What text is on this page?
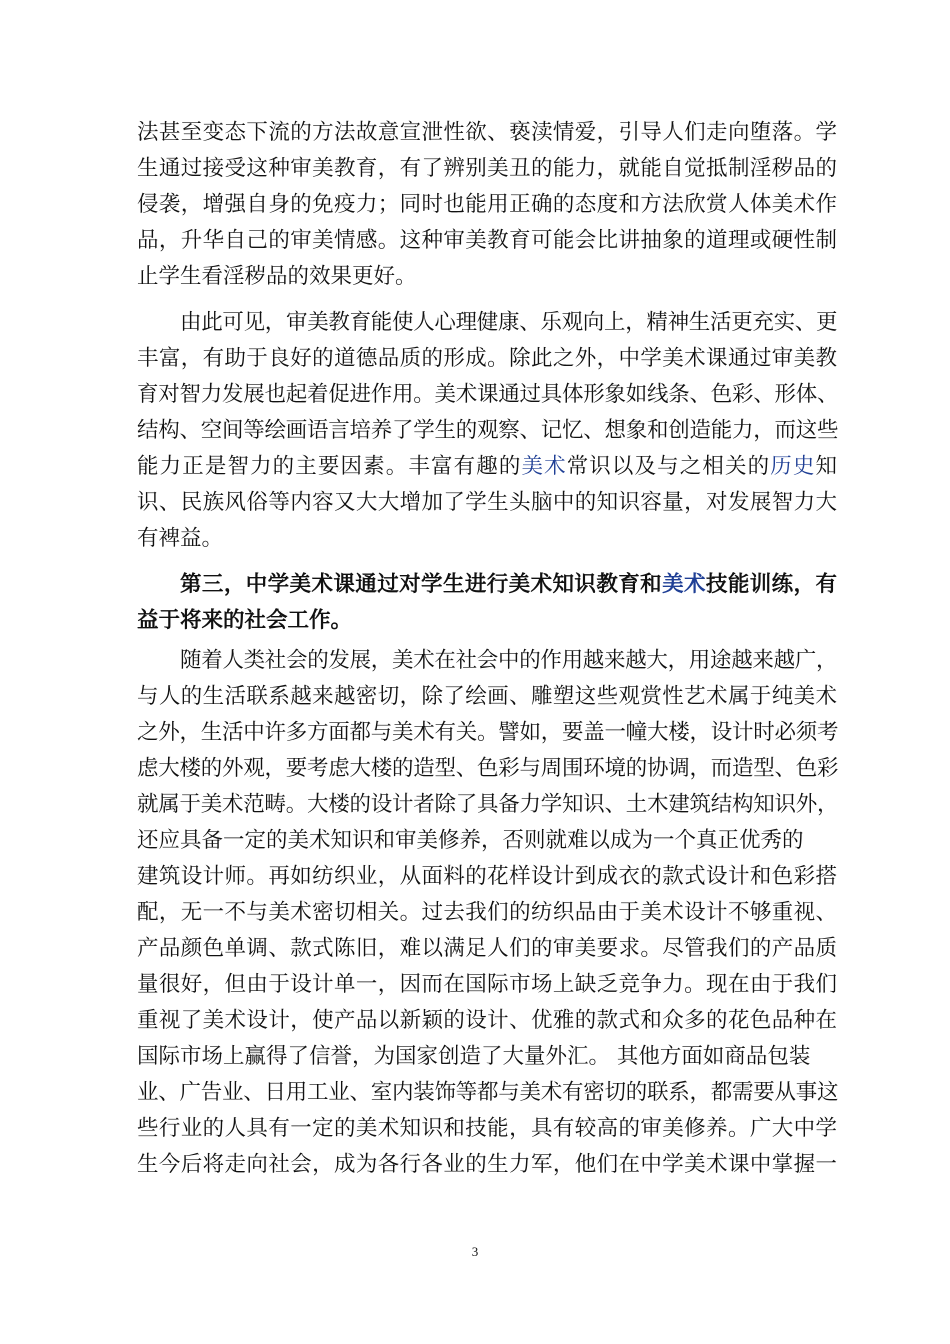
法甚至变态下流的方法故意宣泄性欲、亵渎情爱，引导人们走向堕落。学
生通过接受这种审美教育，有了辨别美丑的能力，就能自觉抵制淫秽品的
侵袭，增强自身的免疫力；同时也能用正确的态度和方法欣赏人体美术作
品，升华自己的审美情感。这种审美教育可能会比讲抽象的道理或硬性制
止学生看淫秽品的效果更好。
由此可见，审美教育能使人心理健康、乐观向上，精神生活更充实、更
丰富，有助于良好的道德品质的形成。除此之外，中学美术课通过审美教
育对智力发展也起着促进作用。美术课通过具体形象如线条、色彩、形体、
结构、空间等绘画语言培养了学生的观察、记忆、想象和创造能力，而这些
能力正是智力的主要因素。丰富有趣的美术常识以及与之相关的历史知
识、民族风俗等内容又大大增加了学生头脑中的知识容量，对发展智力大
有裨益。
第三，中学美术课通过对学生进行美术知识教育和美术技能训练，有
益于将来的社会工作。
随着人类社会的发展，美术在社会中的作用越来越大，用途越来越广，
与人的生活联系越来越密切，除了绘画、雕塑这些观赏性艺术属于纯美术
之外，生活中许多方面都与美术有关。譬如，要盖一幢大楼，设计时必须考
虑大楼的外观，要考虑大楼的造型、色彩与周围环境的协调，而造型、色彩
就属于美术范畴。大楼的设计者除了具备力学知识、土木建筑结构知识外，
还应具备一定的美术知识和审美修养，否则就难以成为一个真正优秀的
建筑设计师。再如纺织业，从面料的花样设计到成衣的款式设计和色彩搭
配，无一不与美术密切相关。过去我们的纺织品由于美术设计不够重视、
产品颜色单调、款式陈旧，难以满足人们的审美要求。尽管我们的产品质
量很好，但由于设计单一，因而在国际市场上缺乏竞争力。现在由于我们
重视了美术设计，使产品以新颖的设计、优雅的款式和众多的花色品种在
国际市场上赢得了信誉，为国家创造了大量外汇。 其他方面如商品包装
业、广告业、日用工业、室内装饰等都与美术有密切的联系，都需要从事这
些行业的人具有一定的美术知识和技能，具有较高的审美修养。广大中学
生今后将走向社会，成为各行各业的生力军，他们在中学美术课中掌握一
3
